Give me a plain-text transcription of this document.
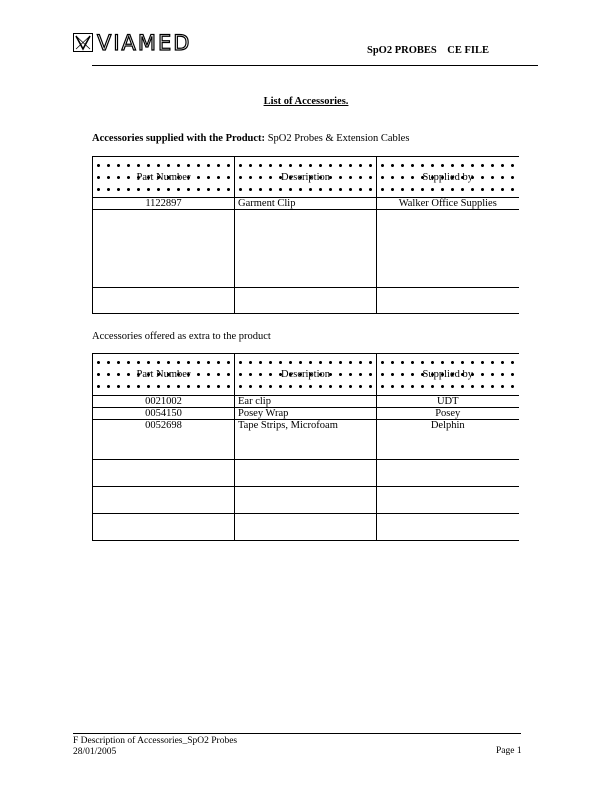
VIAMED	SpO2 PROBES    CE FILE
List of Accessories.
Accessories supplied with the Product: SpO2 Probes & Extension Cables
Part Number	Description	Supplied by
1122897	Garment Clip	Walker Office Supplies

Accessories offered as extra to the product
Part Number	Description	Supplied by
0021002	Ear clip	UDT
0054150	Posey Wrap	Posey
0052698	Tape Strips, Microfoam	Delphin

F Description of Accessories_SpO2 Probes
28/01/2005	Page 1
